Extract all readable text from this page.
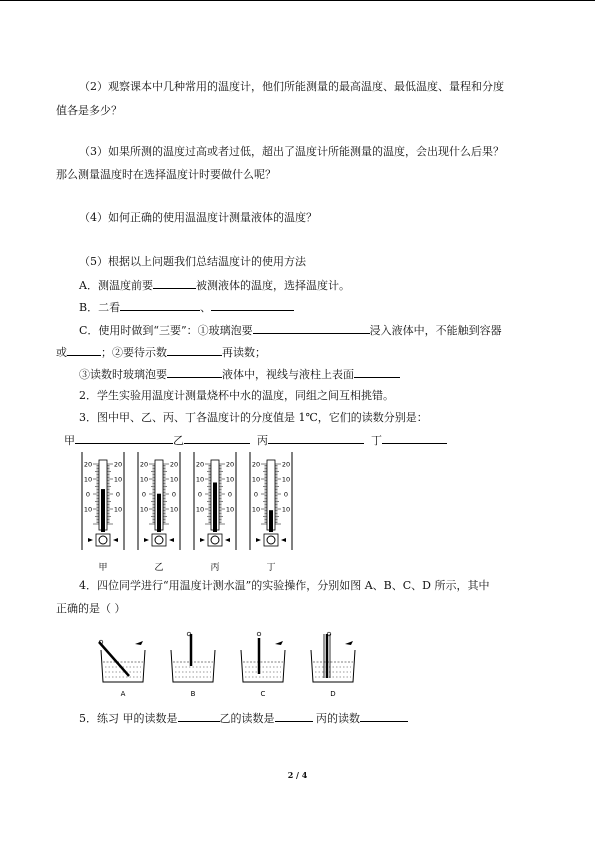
（2）观察课本中几种常用的温度计，他们所能测量的最高温度、最低温度、量程和分度
值各是多少？
（3）如果所测的温度过高或者过低，超出了温度计所能测量的温度，会出现什么后果？
那么测量温度时在选择温度计时要做什么呢？
（4）如何正确的使用温温度计测量液体的温度？
（5）根据以上问题我们总结温度计的使用方法
A．测温度前要	被测液体的温度，选择温度计。
B．二看	、
C．使用时做到“三要”：①玻璃泡要	浸入液体中，不能触到容器
或	；②要待示数	再读数；
③读数时玻璃泡要	液体中，视线与液柱上表面
2．学生实验用温度计测量烧杯中水的温度，同组之间互相挑错。
3．图中甲、乙、丙、丁各温度计的分度值是 1℃，它们的读数分别是：
甲	乙	丙	丁
20	20
10	10
0	0
10	10
甲
20	20
10	10
0	0
10	10
乙
20	20
10	10
0	0
10	10
丙
20	20
10	10
0	0
10	10
丁
4．四位同学进行“用温度计测水温”的实验操作，分别如图 A、B、C、D 所示，其中
正确的是（ ）
A	B	C	D
5．练习 甲的读数是	乙的读数是	丙的读数
2 / 4
